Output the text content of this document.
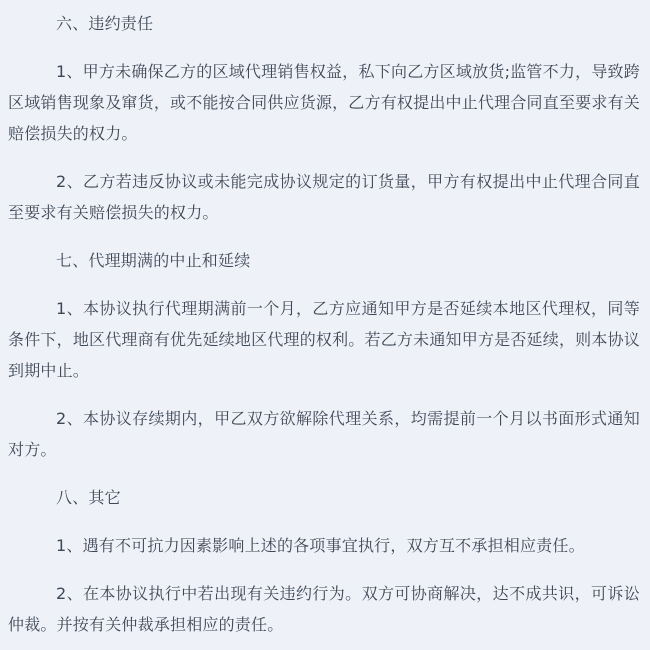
六、违约责任

1、甲方未确保乙方的区域代理销售权益，私下向乙方区域放货;监管不力，导致跨区域销售现象及窜货，或不能按合同供应货源，乙方有权提出中止代理合同直至要求有关赔偿损失的权力。

2、乙方若违反协议或未能完成协议规定的订货量，甲方有权提出中止代理合同直至要求有关赔偿损失的权力。

七、代理期满的中止和延续

1、本协议执行代理期满前一个月，乙方应通知甲方是否延续本地区代理权，同等条件下，地区代理商有优先延续地区代理的权利。若乙方未通知甲方是否延续，则本协议到期中止。

2、本协议存续期内，甲乙双方欲解除代理关系，均需提前一个月以书面形式通知对方。

八、其它

1、遇有不可抗力因素影响上述的各项事宜执行，双方互不承担相应责任。

2、在本协议执行中若出现有关违约行为。双方可协商解决，达不成共识，可诉讼仲裁。并按有关仲裁承担相应的责任。
